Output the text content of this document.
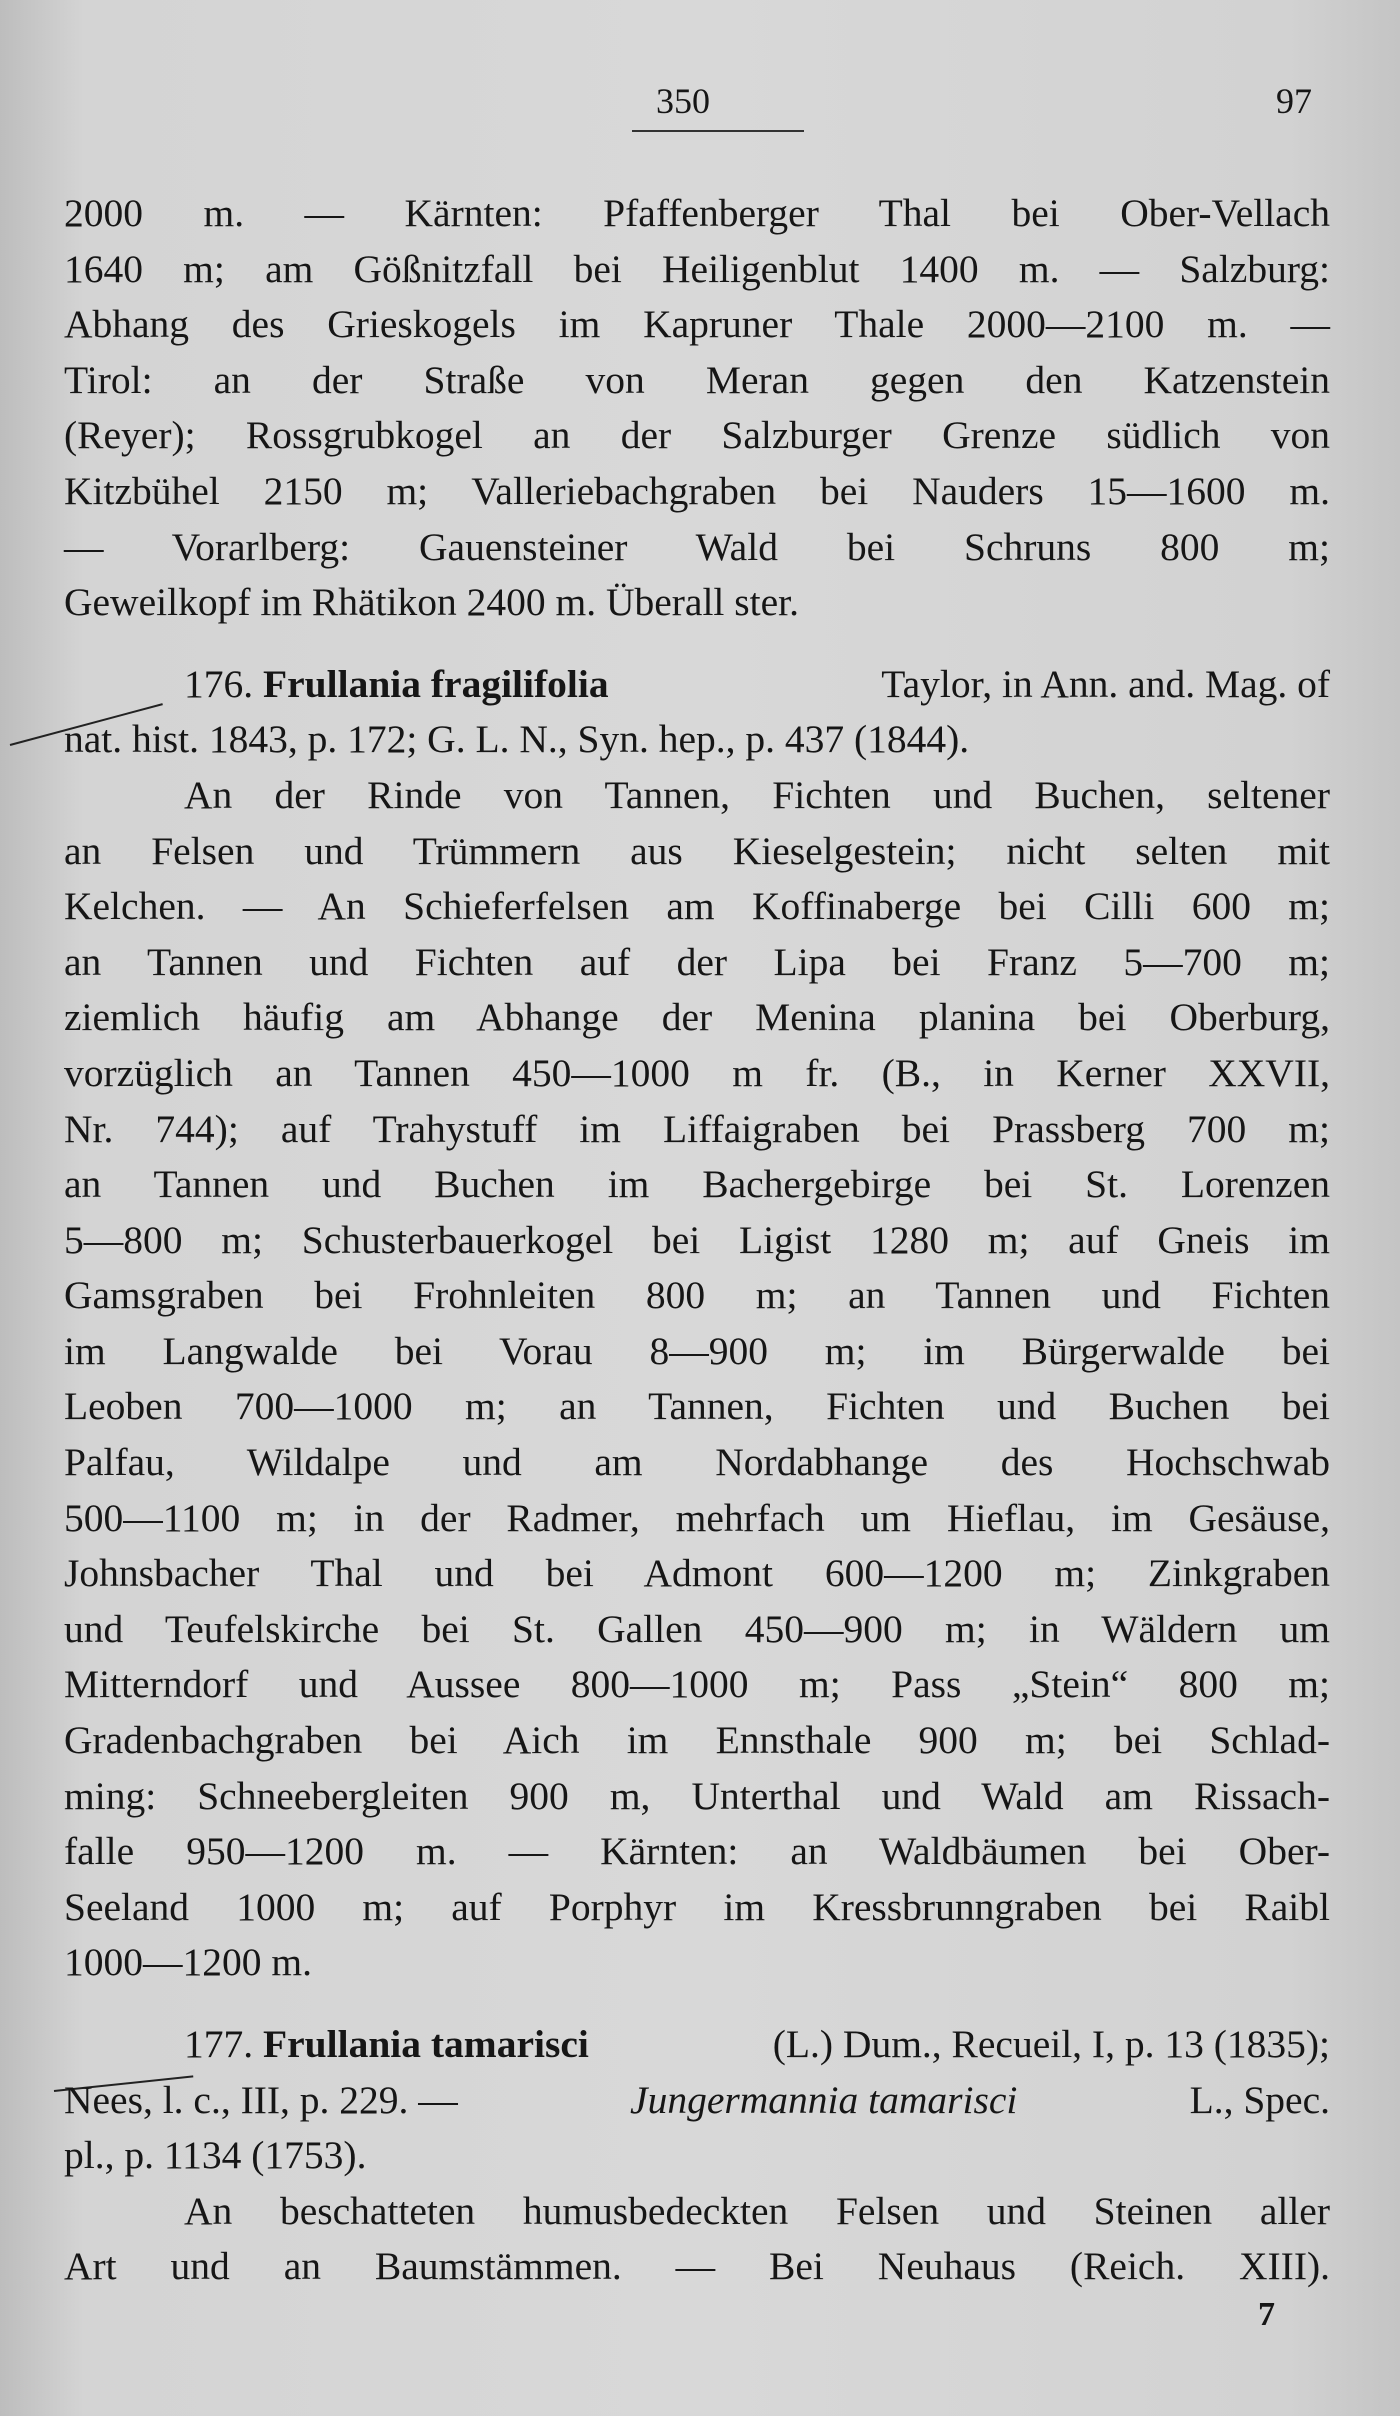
350	97
2000 m. — Kärnten: Pfaffenberger Thal bei Ober-Vellach
1640 m; am Gößnitzfall bei Heiligenblut 1400 m. — Salzburg:
Abhang des Grieskogels im Kapruner Thale 2000—2100 m. —
Tirol: an der Straße von Meran gegen den Katzenstein
(Reyer); Rossgrubkogel an der Salzburger Grenze südlich von
Kitzbühel 2150 m; Valleriebachgraben bei Nauders 15—1600 m.
— Vorarlberg: Gauensteiner Wald bei Schruns 800 m;
Geweilkopf im Rhätikon 2400 m. Überall ster.
176. Frullania fragilifolia	Taylor, in Ann. and. Mag. of
nat. hist. 1843, p. 172; G. L. N., Syn. hep., p. 437 (1844).
An der Rinde von Tannen, Fichten und Buchen, seltener
an Felsen und Trümmern aus Kieselgestein; nicht selten mit
Kelchen. — An Schieferfelsen am Koffinaberge bei Cilli 600 m;
an Tannen und Fichten auf der Lipa bei Franz 5—700 m;
ziemlich häufig am Abhange der Menina planina bei Oberburg,
vorzüglich an Tannen 450—1000 m fr. (B., in Kerner XXVII,
Nr. 744); auf Trahystuff im Liffaigraben bei Prassberg 700 m;
an Tannen und Buchen im Bachergebirge bei St. Lorenzen
5—800 m; Schusterbauerkogel bei Ligist 1280 m; auf Gneis im
Gamsgraben bei Frohnleiten 800 m; an Tannen und Fichten
im Langwalde bei Vorau 8—900 m; im Bürgerwalde bei
Leoben 700—1000 m; an Tannen, Fichten und Buchen bei
Palfau, Wildalpe und am Nordabhange des Hochschwab
500—1100 m; in der Radmer, mehrfach um Hieflau, im Gesäuse,
Johnsbacher Thal und bei Admont 600—1200 m; Zinkgraben
und Teufelskirche bei St. Gallen 450—900 m; in Wäldern um
Mitterndorf und Aussee 800—1000 m; Pass „Stein“ 800 m;
Gradenbachgraben bei Aich im Ennsthale 900 m; bei Schlad-
ming: Schneebergleiten 900 m, Unterthal und Wald am Rissach-
falle 950—1200 m. — Kärnten: an Waldbäumen bei Ober-
Seeland 1000 m; auf Porphyr im Kressbrunngraben bei Raibl
1000—1200 m.
177. Frullania tamarisci	(L.) Dum., Recueil, I, p. 13 (1835);
Nees, l. c., III, p. 229. —	Jungermannia tamarisci	L., Spec.
pl., p. 1134 (1753).
An beschatteten humusbedeckten Felsen und Steinen aller
Art und an Baumstämmen. — Bei Neuhaus (Reich. XIII).
7
